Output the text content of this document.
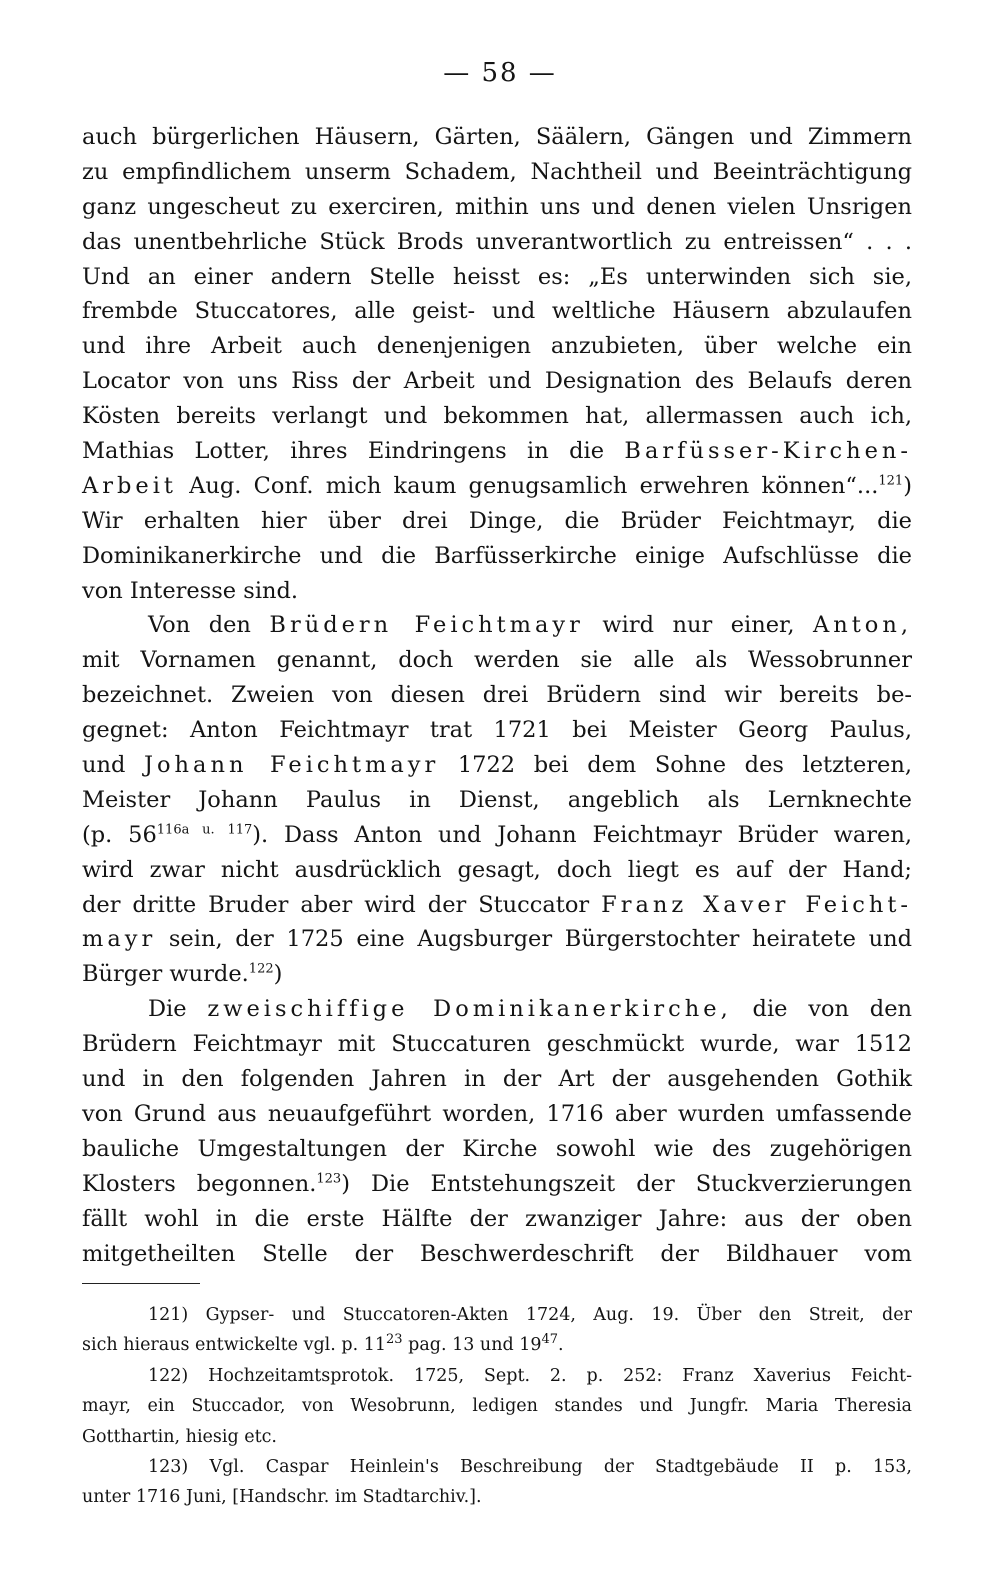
— 58 —
auch bürgerlichen Häusern, Gärten, Säälern, Gängen und Zimmern
zu empfindlichem unserm Schadem, Nachtheil und Beeinträchtigung
ganz ungescheut zu exerciren, mithin uns und denen vielen Unsrigen
das unentbehrliche Stück Brods unverantwortlich zu entreissen“ . . .
Und an einer andern Stelle heisst es: „Es unterwinden sich sie,
frembde Stuccatores, alle geist- und weltliche Häusern abzulaufen
und ihre Arbeit auch denenjenigen anzubieten, über welche ein
Locator von uns Riss der Arbeit und Designation des Belaufs deren
Kösten bereits verlangt und bekommen hat, allermassen auch ich,
Mathias Lotter, ihres Eindringens in die Barfüsser-Kirchen-
Arbeit Aug. Conf. mich kaum genugsamlich erwehren können“...$^{121}$)
Wir erhalten hier über drei Dinge, die Brüder Feichtmayr, die
Dominikanerkirche und die Barfüsserkirche einige Aufschlüsse die
von Interesse sind.
Von den Brüdern Feichtmayr wird nur einer, Anton,
mit Vornamen genannt, doch werden sie alle als Wessobrunner
bezeichnet. Zweien von diesen drei Brüdern sind wir bereits be-
gegnet: Anton Feichtmayr trat 1721 bei Meister Georg Paulus,
und Johann Feichtmayr 1722 bei dem Sohne des letzteren,
Meister Johann Paulus in Dienst, angeblich als Lernknechte
(p. $56^{116a u. 117}$). Dass Anton und Johann Feichtmayr Brüder waren,
wird zwar nicht ausdrücklich gesagt, doch liegt es auf der Hand;
der dritte Bruder aber wird der Stuccator Franz Xaver Feicht-
mayr sein, der 1725 eine Augsburger Bürgerstochter heiratete und
Bürger wurde.$^{122}$)
Die zweischiffige Dominikanerkirche, die von den
Brüdern Feichtmayr mit Stuccaturen geschmückt wurde, war 1512
und in den folgenden Jahren in der Art der ausgehenden Gothik
von Grund aus neuaufgeführt worden, 1716 aber wurden umfassende
bauliche Umgestaltungen der Kirche sowohl wie des zugehörigen
Klosters begonnen.$^{123}$) Die Entstehungszeit der Stuckverzierungen
fällt wohl in die erste Hälfte der zwanziger Jahre: aus der oben
mitgetheilten Stelle der Beschwerdeschrift der Bildhauer vom
121) Gypser- und Stuccatoren-Akten 1724, Aug. 19. Über den Streit, der
sich hieraus entwickelte vgl. p. $11^{23}$ pag. 13 und $19^{47}$.
122) Hochzeitamtsprotok. 1725, Sept. 2. p. 252: Franz Xaverius Feicht-
mayr, ein Stuccador, von Wesobrunn, ledigen standes und Jungfr. Maria Theresia
Gotthartin, hiesig etc.
123) Vgl. Caspar Heinlein's Beschreibung der Stadtgebäude II p. 153,
unter 1716 Juni, [Handschr. im Stadtarchiv.].
